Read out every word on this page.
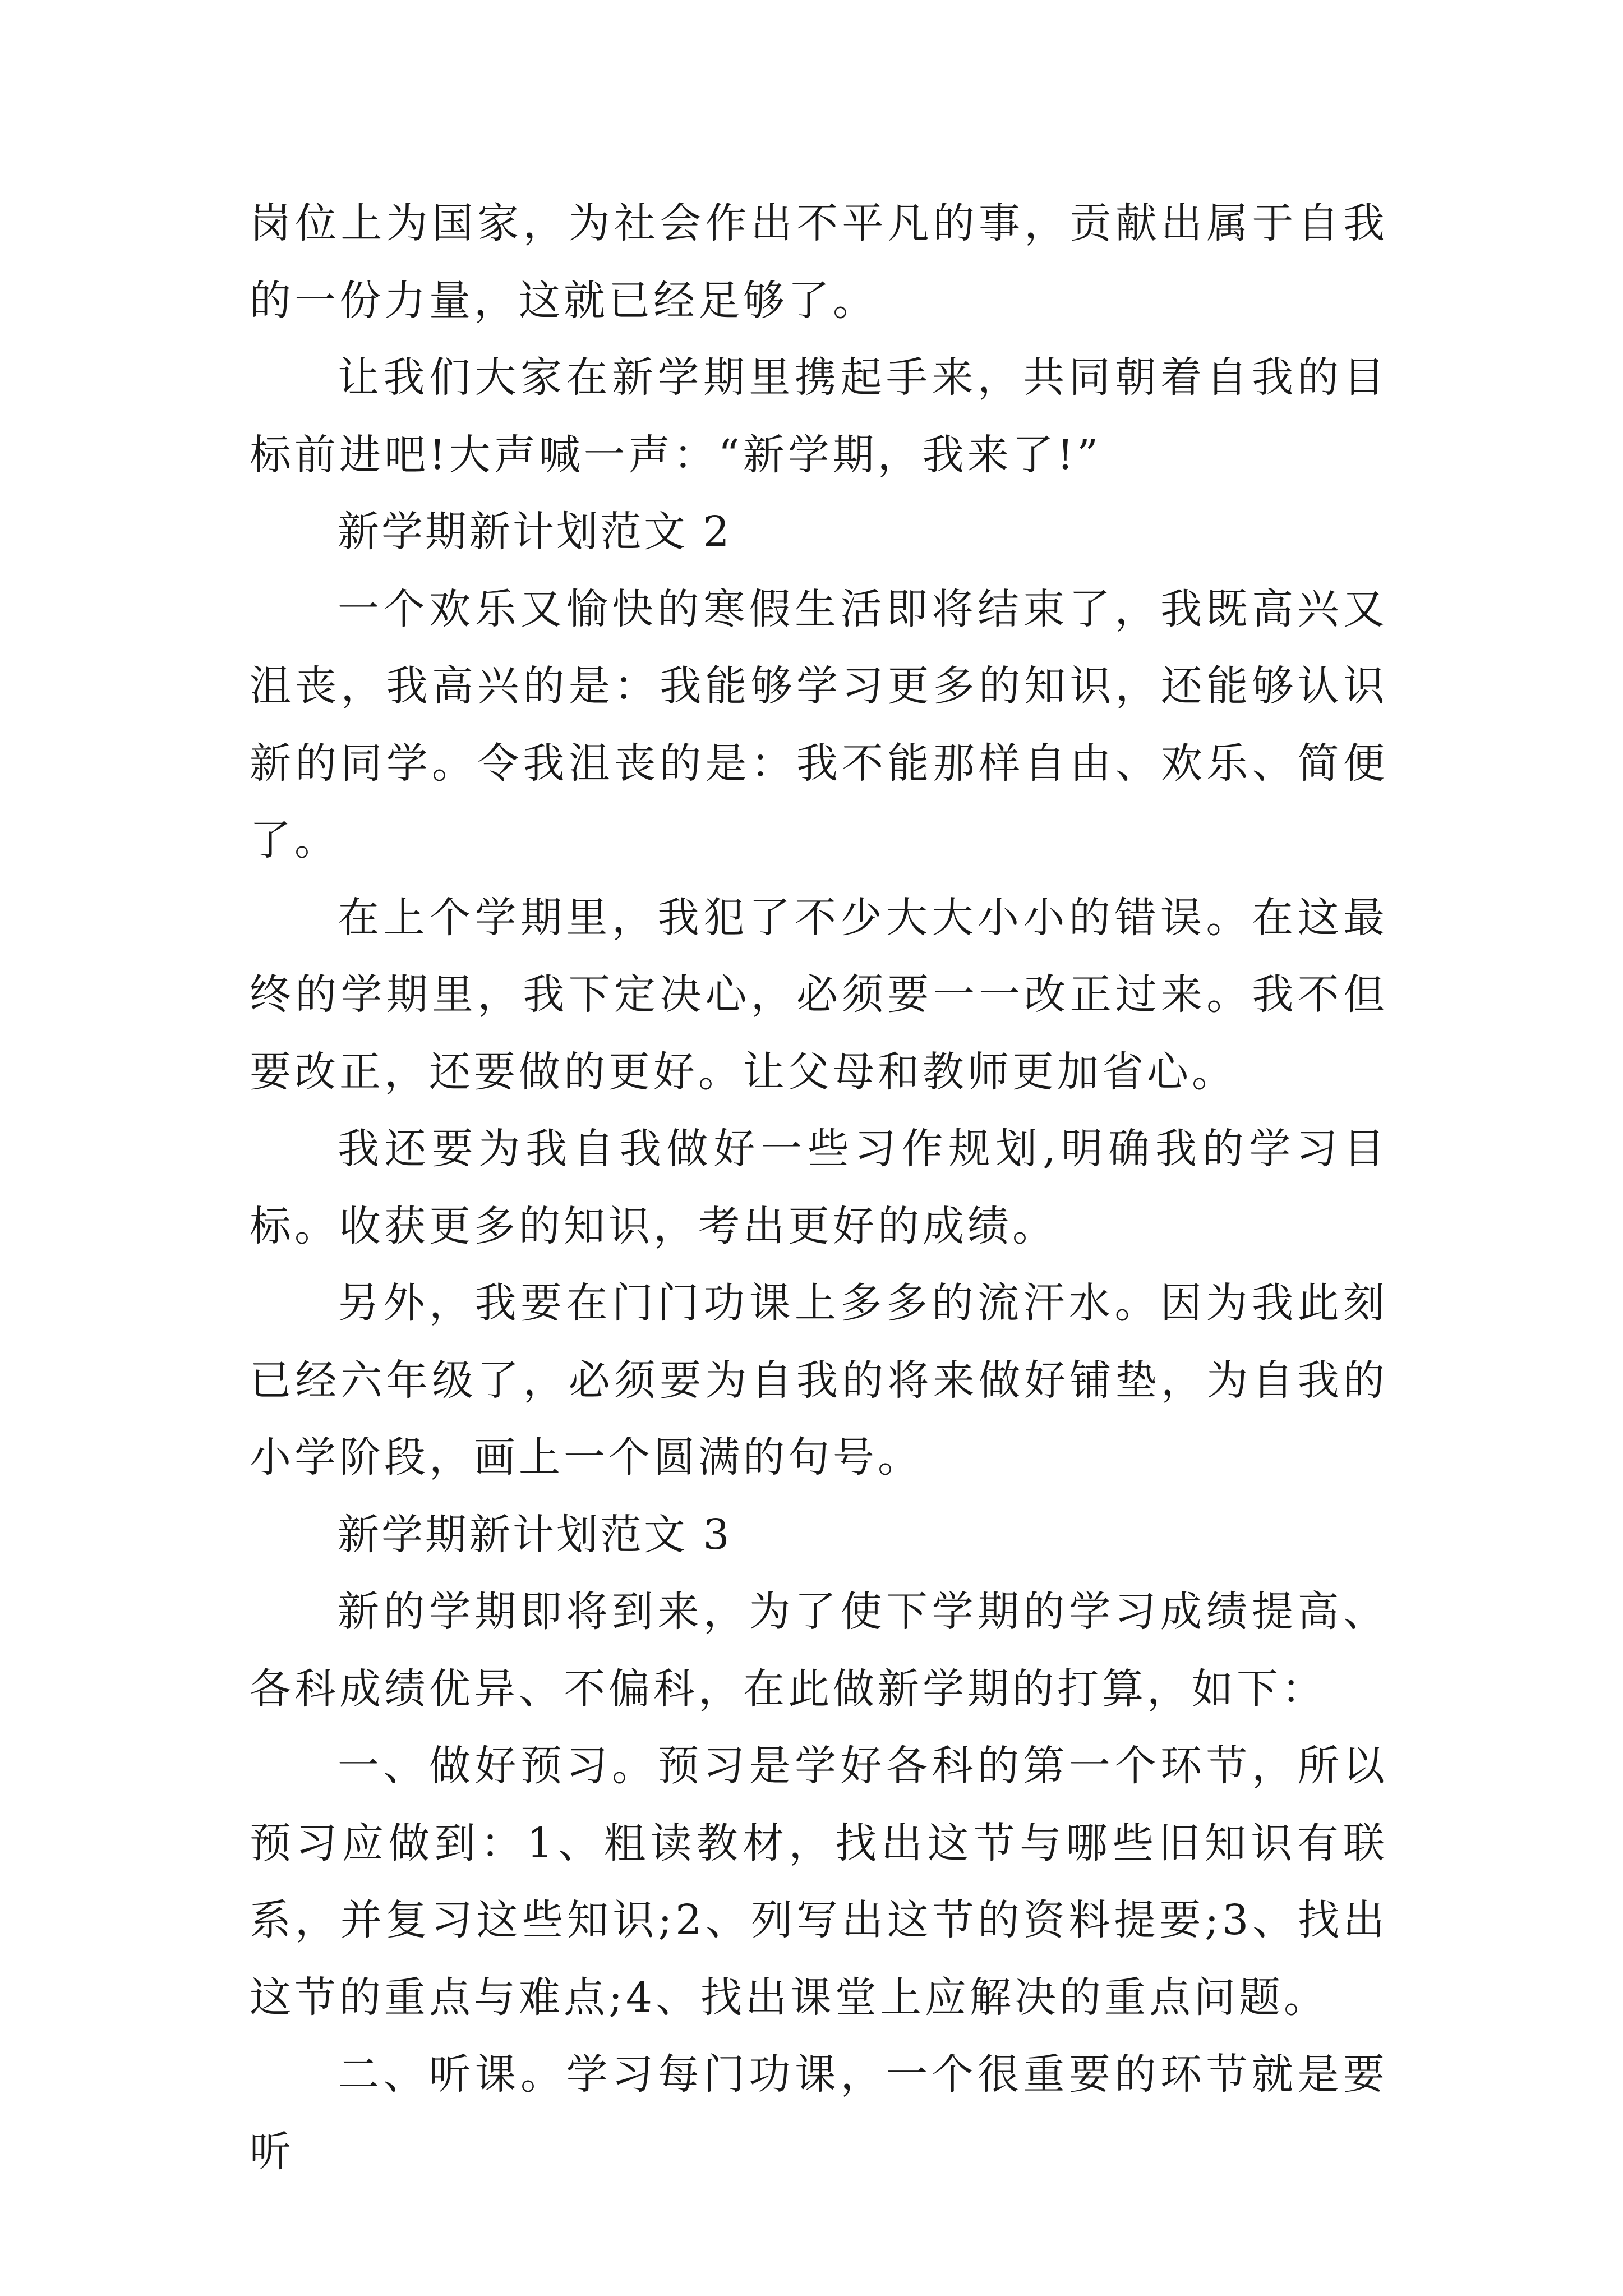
岗位上为国家，为社会作出不平凡的事，贡献出属于自我的一份力量，这就已经足够了。

让我们大家在新学期里携起手来，共同朝着自我的目标前进吧!大声喊一声：“新学期，我来了!”

新学期新计划范文 2

一个欢乐又愉快的寒假生活即将结束了，我既高兴又沮丧，我高兴的是：我能够学习更多的知识，还能够认识新的同学。令我沮丧的是：我不能那样自由、欢乐、简便了。

在上个学期里，我犯了不少大大小小的错误。在这最终的学期里，我下定决心，必须要一一改正过来。我不但要改正，还要做的更好。让父母和教师更加省心。

我还要为我自我做好一些习作规划,明确我的学习目标。收获更多的知识，考出更好的成绩。

另外，我要在门门功课上多多的流汗水。因为我此刻已经六年级了，必须要为自我的将来做好铺垫，为自我的小学阶段，画上一个圆满的句号。

新学期新计划范文 3

新的学期即将到来，为了使下学期的学习成绩提高、各科成绩优异、不偏科，在此做新学期的打算，如下：

一、做好预习。预习是学好各科的第一个环节，所以预习应做到：1、粗读教材，找出这节与哪些旧知识有联系，并复习这些知识;2、列写出这节的资料提要;3、找出这节的重点与难点;4、找出课堂上应解决的重点问题。

二、听课。学习每门功课，一个很重要的环节就是要听
